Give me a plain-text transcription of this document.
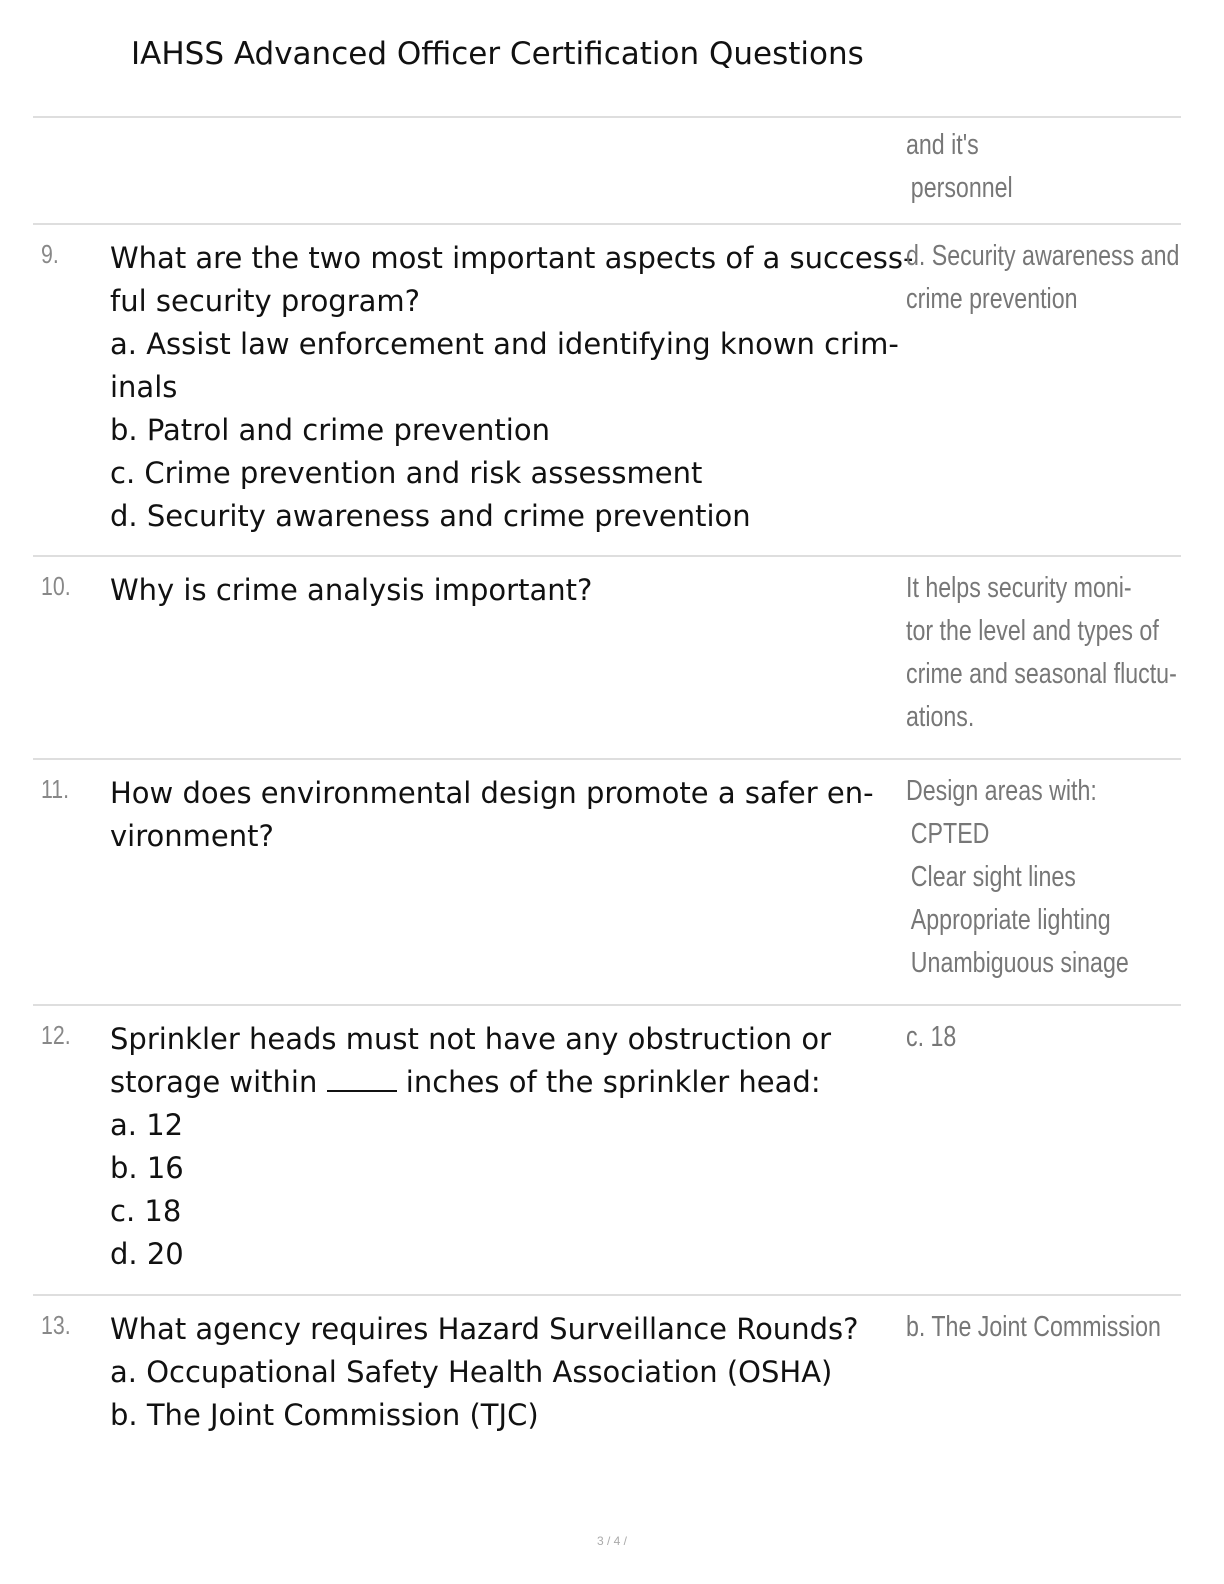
IAHSS Advanced Officer Certification Questions
and it's
personnel
9. What are the two most important aspects of a success-
ful security program?
a. Assist law enforcement and identifying known crim-
inals
b. Patrol and crime prevention
c. Crime prevention and risk assessment
d. Security awareness and crime prevention
d. Security awareness and
crime prevention
10. Why is crime analysis important?	It helps security moni-
tor the level and types of
crime and seasonal fluctu-
ations.
11. How does environmental design promote a safer en-
vironment?
Design areas with:
CPTED
Clear sight lines
Appropriate lighting
Unambiguous sinage
12. Sprinkler heads must not have any obstruction or
storage within	inches of the sprinkler head:
a. 12
b. 16
c. 18
d. 20
c. 18
13. What agency requires Hazard Surveillance Rounds?
a. Occupational Safety Health Association (OSHA)
b. The Joint Commission (TJC)
b. The Joint Commission
3 / 4 /
